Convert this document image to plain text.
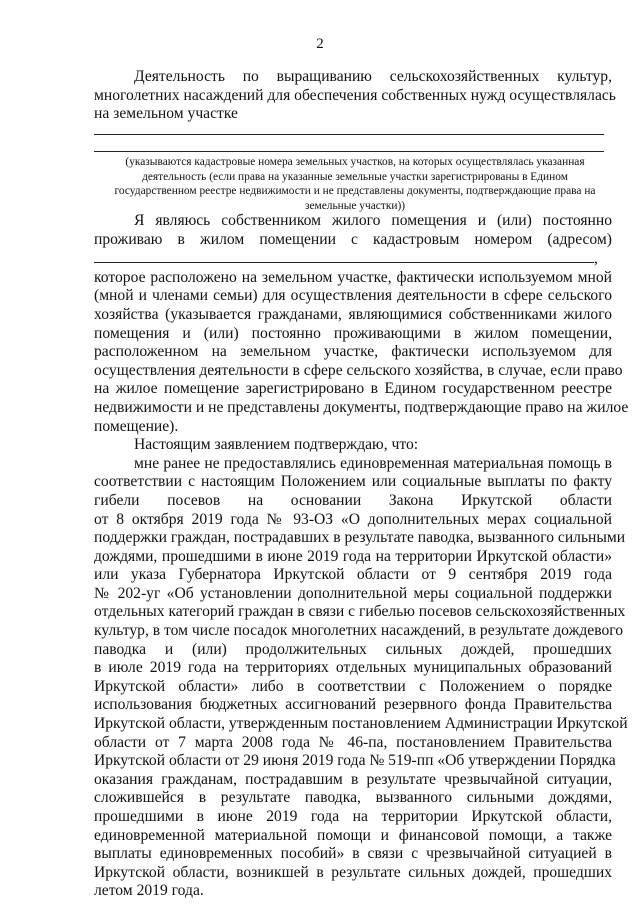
2
Деятельность по выращиванию сельскохозяйственных культур,
многолетних насаждений для обеспечения собственных нужд осуществлялась
на земельном участке
(указываются кадастровые номера земельных участков, на которых осуществлялась указанная
деятельность (если права на указанные земельные участки зарегистрированы в Едином
государственном реестре недвижимости и не представлены документы, подтверждающие права на
земельные участки))
Я являюсь собственником жилого помещения и (или) постоянно
проживаю в жилом помещении с кадастровым номером (адресом)
,
которое расположено на земельном участке, фактически используемом мной
(мной и членами семьи) для осуществления деятельности в сфере сельского
хозяйства (указывается гражданами, являющимися собственниками жилого
помещения и (или) постоянно проживающими в жилом помещении,
расположенном на земельном участке, фактически используемом для
осуществления деятельности в сфере сельского хозяйства, в случае, если право
на жилое помещение зарегистрировано в Едином государственном реестре
недвижимости и не представлены документы, подтверждающие право на жилое
помещение).
Настоящим заявлением подтверждаю, что:
мне ранее не предоставлялись единовременная материальная помощь в
соответствии с настоящим Положением или социальные выплаты по факту
гибели посевов на основании Закона Иркутской области
от 8 октября 2019 года № 93-ОЗ «О дополнительных мерах социальной
поддержки граждан, пострадавших в результате паводка, вызванного сильными
дождями, прошедшими в июне 2019 года на территории Иркутской области»
или указа Губернатора Иркутской области от 9 сентября 2019 года
№ 202-уг «Об установлении дополнительной меры социальной поддержки
отдельных категорий граждан в связи с гибелью посевов сельскохозяйственных
культур, в том числе посадок многолетних насаждений, в результате дождевого
паводка и (или) продолжительных сильных дождей, прошедших
в июле 2019 года на территориях отдельных муниципальных образований
Иркутской области» либо в соответствии с Положением о порядке
использования бюджетных ассигнований резервного фонда Правительства
Иркутской области, утвержденным постановлением Администрации Иркутской
области от 7 марта 2008 года № 46-па, постановлением Правительства
Иркутской области от 29 июня 2019 года № 519-пп «Об утверждении Порядка
оказания гражданам, пострадавшим в результате чрезвычайной ситуации,
сложившейся в результате паводка, вызванного сильными дождями,
прошедшими в июне 2019 года на территории Иркутской области,
единовременной материальной помощи и финансовой помощи, а также
выплаты единовременных пособий» в связи с чрезвычайной ситуацией в
Иркутской области, возникшей в результате сильных дождей, прошедших
летом 2019 года.
